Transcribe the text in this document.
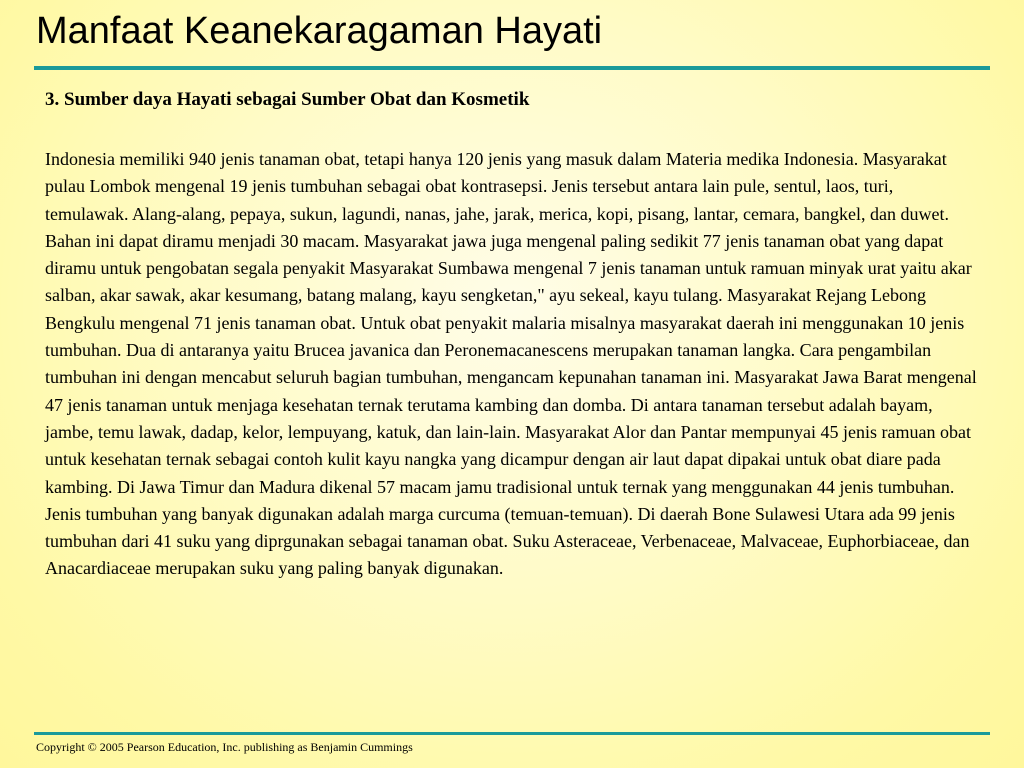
Manfaat Keanekaragaman Hayati
3. Sumber daya Hayati sebagai Sumber Obat dan Kosmetik

Indonesia memiliki 940 jenis tanaman obat, tetapi hanya 120 jenis yang masuk dalam Materia medika Indonesia. Masyarakat pulau Lombok mengenal 19 jenis tumbuhan sebagai obat kontrasepsi. Jenis tersebut antara lain pule, sentul, laos, turi, temulawak. Alang-alang, pepaya, sukun, lagundi, nanas, jahe, jarak, merica, kopi, pisang, lantar, cemara, bangkel, dan duwet. Bahan ini dapat diramu menjadi 30 macam. Masyarakat jawa juga mengenal paling sedikit 77 jenis tanaman obat yang dapat diramu untuk pengobatan segala penyakit Masyarakat Sumbawa mengenal 7 jenis tanaman untuk ramuan minyak urat yaitu akar salban, akar sawak, akar kesumang, batang malang, kayu sengketan," ayu sekeal, kayu tulang. Masyarakat Rejang Lebong Bengkulu mengenal 71 jenis tanaman obat. Untuk obat penyakit malaria misalnya masyarakat daerah ini menggunakan 10 jenis tumbuhan. Dua di antaranya yaitu Brucea javanica dan Peronemacanescens merupakan tanaman langka. Cara pengambilan tumbuhan ini dengan mencabut seluruh bagian tumbuhan, mengancam kepunahan tanaman ini. Masyarakat Jawa Barat mengenal 47 jenis tanaman untuk menjaga kesehatan ternak terutama kambing dan domba. Di antara tanaman tersebut adalah bayam, jambe, temu lawak, dadap, kelor, lempuyang, katuk, dan lain-lain. Masyarakat Alor dan Pantar mempunyai 45 jenis ramuan obat untuk kesehatan ternak sebagai contoh kulit kayu nangka yang dicampur dengan air laut dapat dipakai untuk obat diare pada kambing. Di Jawa Timur dan Madura dikenal 57 macam jamu tradisional untuk ternak yang menggunakan 44 jenis tumbuhan. Jenis tumbuhan yang banyak digunakan adalah marga curcuma (temuan-temuan). Di daerah Bone Sulawesi Utara ada 99 jenis tumbuhan dari 41 suku yang diprgunakan sebagai tanaman obat. Suku Asteraceae, Verbenaceae, Malvaceae, Euphorbiaceae, dan Anacardiaceae merupakan suku yang paling banyak digunakan.

Copyright © 2005 Pearson Education, Inc. publishing as Benjamin Cummings
